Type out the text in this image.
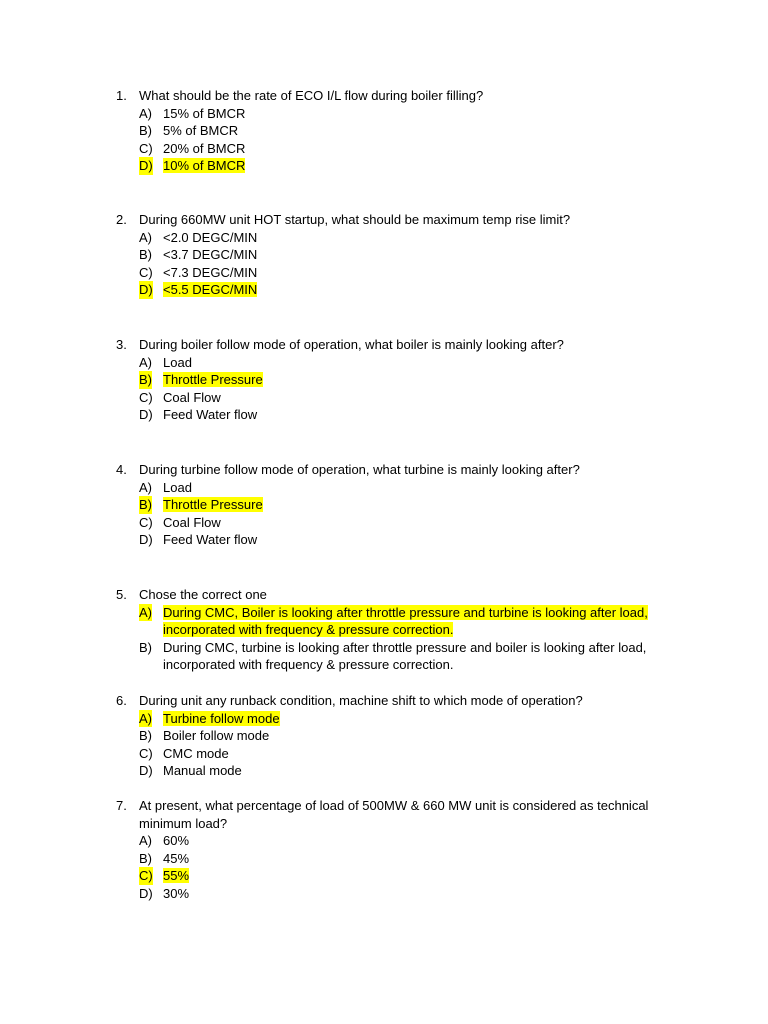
1. What should be the rate of ECO I/L flow during boiler filling?
A) 15% of BMCR
B) 5% of BMCR
C) 20% of BMCR
D) 10% of BMCR
2. During 660MW unit HOT startup, what should be maximum temp rise limit?
A) <2.0 DEGC/MIN
B) <3.7 DEGC/MIN
C) <7.3 DEGC/MIN
D) <5.5 DEGC/MIN
3. During boiler follow mode of operation, what boiler is mainly looking after?
A) Load
B) Throttle Pressure
C) Coal Flow
D) Feed Water flow
4. During turbine follow mode of operation, what turbine is mainly looking after?
A) Load
B) Throttle Pressure
C) Coal Flow
D) Feed Water flow
5. Chose the correct one
A) During CMC, Boiler is looking after throttle pressure and turbine is looking after load, incorporated with frequency & pressure correction.
B) During CMC, turbine is looking after throttle pressure and boiler is looking after load, incorporated with frequency & pressure correction.
6. During unit any runback condition, machine shift to which mode of operation?
A) Turbine follow mode
B) Boiler follow mode
C) CMC mode
D) Manual mode
7. At present, what percentage of load of 500MW & 660 MW unit is considered as technical minimum load?
A) 60%
B) 45%
C) 55%
D) 30%
